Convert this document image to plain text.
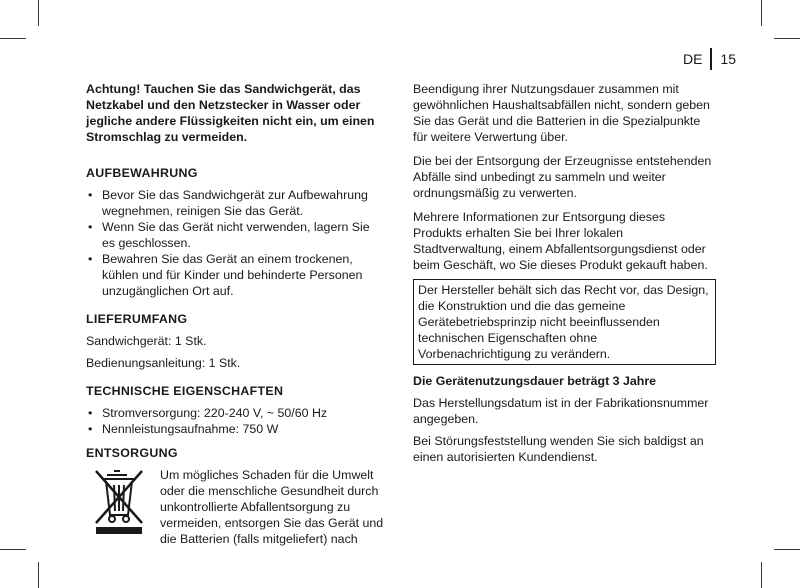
DE 15

Achtung! Tauchen Sie das Sandwichgerät, das Netzkabel und den Netzstecker in Wasser oder jegliche andere Flüssigkeiten nicht ein, um einen Stromschlag zu vermeiden.

AUFBEWAHRUNG
• Bevor Sie das Sandwichgerät zur Aufbewahrung wegnehmen, reinigen Sie das Gerät.
• Wenn Sie das Gerät nicht verwenden, lagern Sie es geschlossen.
• Bewahren Sie das Gerät an einem trockenen, kühlen und für Kinder und behinderte Personen unzugänglichen Ort auf.
LIEFERUMFANG

Sandwichgerät: 1 Stk.

Bedienungsanleitung: 1 Stk.

TECHNISCHE EIGENSCHAFTEN
• Stromversorgung: 220-240 V, ~ 50/60 Hz
• Nennleistungsaufnahme: 750 W
ENTSORGUNG
Um mögliches Schaden für die Umwelt oder die menschliche Gesundheit durch unkontrollierte Abfallentsorgung zu vermeiden, entsorgen Sie das Gerät und die Batterien (falls mitgeliefert) nach

Beendigung ihrer Nutzungsdauer zusammen mit gewöhnlichen Haushaltsabfällen nicht, sondern geben Sie das Gerät und die Batterien in die Spezialpunkte für weitere Verwertung über.

Die bei der Entsorgung der Erzeugnisse entstehenden Abfälle sind unbedingt zu sammeln und weiter ordnungsmäßig zu verwerten.

Mehrere Informationen zur Entsorgung dieses Produkts erhalten Sie bei Ihrer lokalen Stadtverwaltung, einem Abfallentsorgungsdienst oder beim Geschäft, wo Sie dieses Produkt gekauft haben.

Der Hersteller behält sich das Recht vor, das Design, die Konstruktion und die das gemeine Gerätebetriebsprinzip nicht beeinflussenden technischen Eigenschaften ohne Vorbenachrichtigung zu verändern.

Die Gerätenutzungsdauer beträgt 3 Jahre

Das Herstellungsdatum ist in der Fabrikationsnummer angegeben.

Bei Störungsfeststellung wenden Sie sich baldigst an einen autorisierten Kundendienst.
